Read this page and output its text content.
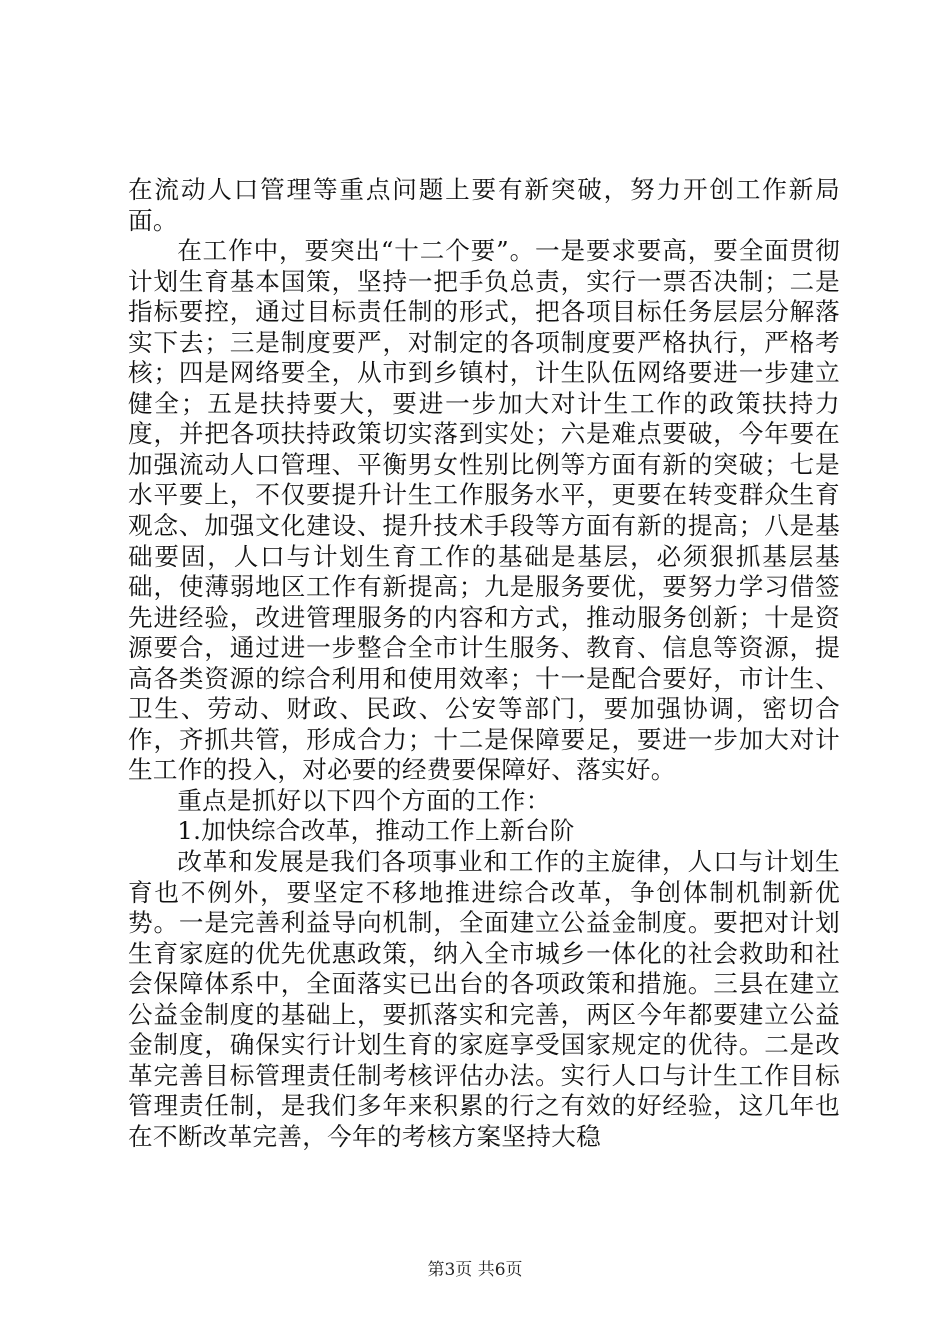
在流动人口管理等重点问题上要有新突破，努力开创工作新局面。

在工作中，要突出“十二个要”。一是要求要高，要全面贯彻计划生育基本国策，坚持一把手负总责，实行一票否决制；二是指标要控，通过目标责任制的形式，把各项目标任务层层分解落实下去；三是制度要严，对制定的各项制度要严格执行，严格考核；四是网络要全，从市到乡镇村，计生队伍网络要进一步建立健全；五是扶持要大，要进一步加大对计生工作的政策扶持力度，并把各项扶持政策切实落到实处；六是难点要破，今年要在加强流动人口管理、平衡男女性别比例等方面有新的突破；七是水平要上，不仅要提升计生工作服务水平，更要在转变群众生育观念、加强文化建设、提升技术手段等方面有新的提高；八是基础要固，人口与计划生育工作的基础是基层，必须狠抓基层基础，使薄弱地区工作有新提高；九是服务要优，要努力学习借签先进经验，改进管理服务的内容和方式，推动服务创新；十是资源要合，通过进一步整合全市计生服务、教育、信息等资源，提高各类资源的综合利用和使用效率；十一是配合要好，市计生、卫生、劳动、财政、民政、公安等部门，要加强协调，密切合作，齐抓共管，形成合力；十二是保障要足，要进一步加大对计生工作的投入，对必要的经费要保障好、落实好。

重点是抓好以下四个方面的工作：

1.加快综合改革，推动工作上新台阶

改革和发展是我们各项事业和工作的主旋律，人口与计划生育也不例外，要坚定不移地推进综合改革，争创体制机制新优势。一是完善利益导向机制，全面建立公益金制度。要把对计划生育家庭的优先优惠政策，纳入全市城乡一体化的社会救助和社会保障体系中，全面落实已出台的各项政策和措施。三县在建立公益金制度的基础上，要抓落实和完善，两区今年都要建立公益金制度，确保实行计划生育的家庭享受国家规定的优待。二是改革完善目标管理责任制考核评估办法。实行人口与计生工作目标管理责任制，是我们多年来积累的行之有效的好经验，这几年也在不断改革完善，今年的考核方案坚持大稳

第3页 共6页
